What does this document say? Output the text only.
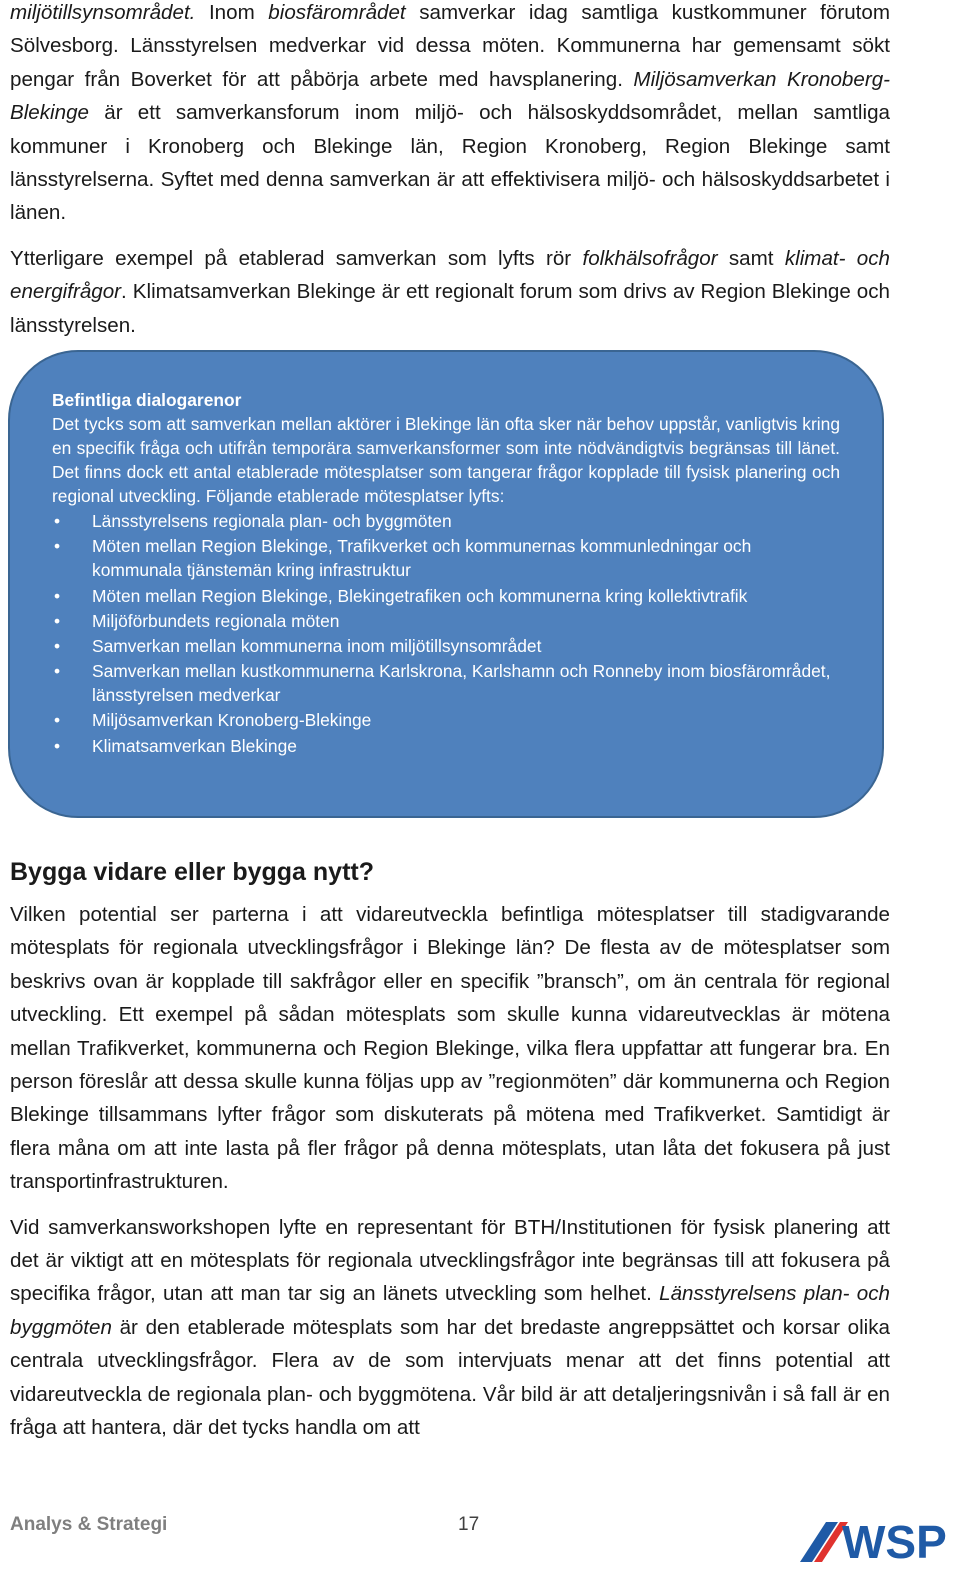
miljötillsynsområdet. Inom biosfärområdet samverkar idag samtliga kustkommuner förutom Sölvesborg. Länsstyrelsen medverkar vid dessa möten. Kommunerna har gemensamt sökt pengar från Boverket för att påbörja arbete med havsplanering. Miljösamverkan Kronoberg-Blekinge är ett samverkansforum inom miljö- och hälsoskyddsområdet, mellan samtliga kommuner i Kronoberg och Blekinge län, Region Kronoberg, Region Blekinge samt länsstyrelserna. Syftet med denna samverkan är att effektivisera miljö- och hälsoskyddsarbetet i länen.

Ytterligare exempel på etablerad samverkan som lyfts rör folkhälsofrågor samt klimat- och energifrågor. Klimatsamverkan Blekinge är ett regionalt forum som drivs av Region Blekinge och länsstyrelsen.

Befintliga dialogarenor

Det tycks som att samverkan mellan aktörer i Blekinge län ofta sker när behov uppstår, vanligtvis kring en specifik fråga och utifrån temporära samverkansformer som inte nödvändigtvis begränsas till länet. Det finns dock ett antal etablerade mötesplatser som tangerar frågor kopplade till fysisk planering och regional utveckling. Följande etablerade mötesplatser lyfts:

• Länsstyrelsens regionala plan- och byggmöten
• Möten mellan Region Blekinge, Trafikverket och kommunernas kommunledningar och kommunala tjänstemän kring infrastruktur
• Möten mellan Region Blekinge, Blekingetrafiken och kommunerna kring kollektivtrafik
• Miljöförbundets regionala möten
• Samverkan mellan kommunerna inom miljötillsynsområdet
• Samverkan mellan kustkommunerna Karlskrona, Karlshamn och Ronneby inom biosfärområdet, länsstyrelsen medverkar
• Miljösamverkan Kronoberg-Blekinge
• Klimatsamverkan Blekinge
Bygga vidare eller bygga nytt?

Vilken potential ser parterna i att vidareutveckla befintliga mötesplatser till stadigvarande mötesplats för regionala utvecklingsfrågor i Blekinge län? De flesta av de mötesplatser som beskrivs ovan är kopplade till sakfrågor eller en specifik ”bransch”, om än centrala för regional utveckling. Ett exempel på sådan mötesplats som skulle kunna vidareutvecklas är mötena mellan Trafikverket, kommunerna och Region Blekinge, vilka flera uppfattar att fungerar bra. En person föreslår att dessa skulle kunna följas upp av ”regionmöten” där kommunerna och Region Blekinge tillsammans lyfter frågor som diskuterats på mötena med Trafikverket. Samtidigt är flera måna om att inte lasta på fler frågor på denna mötesplats, utan låta det fokusera på just transportinfrastrukturen.

Vid samverkansworkshopen lyfte en representant för BTH/Institutionen för fysisk planering att det är viktigt att en mötesplats för regionala utvecklingsfrågor inte begränsas till att fokusera på specifika frågor, utan att man tar sig an länets utveckling som helhet. Länsstyrelsens plan- och byggmöten är den etablerade mötesplats som har det bredaste angreppsättet och korsar olika centrala utvecklingsfrågor. Flera av de som intervjuats menar att det finns potential att vidareutveckla de regionala plan- och byggmötena. Vår bild är att detaljeringsnivån i så fall är en fråga att hantera, där det tycks handla om att

Analys & Strategi	17	WSP
